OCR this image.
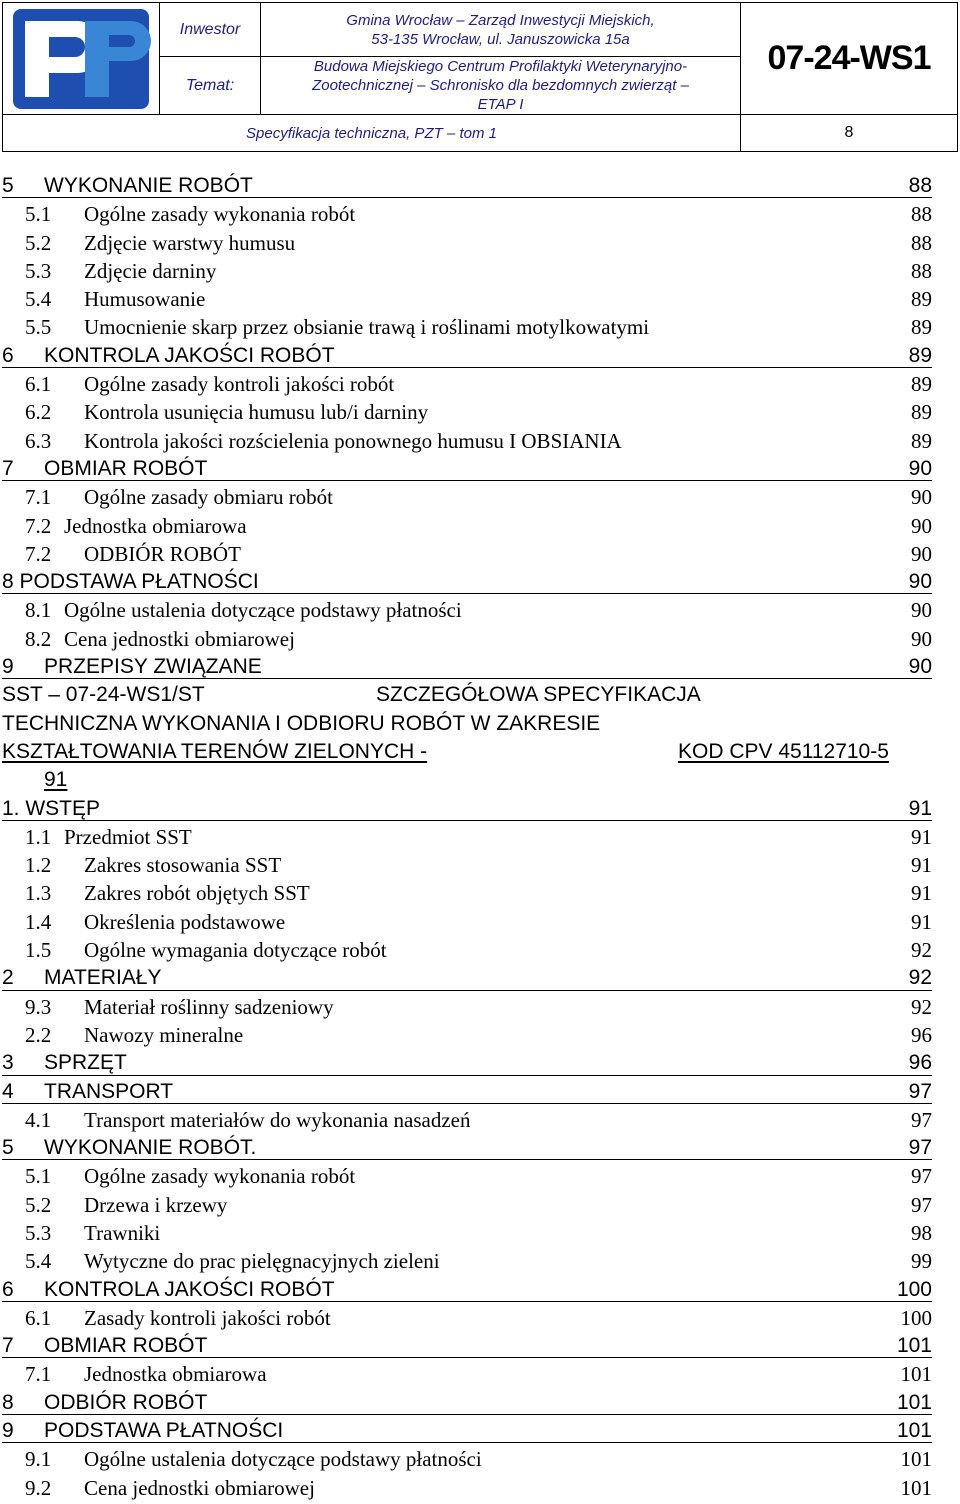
	Inwestor	Gmina Wrocław – Zarząd Inwestycji Miejskich,
53-135 Wrocław, ul. Januszowicka 15a	07-24-WS1
	Temat:	Budowa Miejskiego Centrum Profilaktyki Weterynaryjno-
Zootechnicznej – Schronisko dla bezdomnych zwierząt –
ETAP I	

Specyfikacja techniczna, PZT – tom 1			8
5 WYKONANIE ROBÓT	88
5.1 Ogólne zasady wykonania robót	88
5.2 Zdjęcie warstwy humusu	88
5.3 Zdjęcie darniny	88
5.4 Humusowanie	89
5.5 Umocnienie skarp przez obsianie trawą i roślinami motylkowatymi	89
6 KONTROLA JAKOŚCI ROBÓT	89
6.1 Ogólne zasady kontroli jakości robót	89
6.2 Kontrola usunięcia humusu lub/i darniny	89
6.3 Kontrola jakości rozścielenia ponownego humusu I OBSIANIA	89
7 OBMIAR ROBÓT	90
7.1 Ogólne zasady obmiaru robót	90
7.2 Jednostka obmiarowa	90
7.2 ODBIÓR ROBÓT	90
8 PODSTAWA PŁATNOŚCI	90
8.1 Ogólne ustalenia dotyczące podstawy płatności	90
8.2 Cena jednostki obmiarowej	90
9 PRZEPISY ZWIĄZANE	90
SST – 07-24-WS1/ST	SZCZEGÓŁOWA SPECYFIKACJA
TECHNICZNA WYKONANIA I ODBIORU ROBÓT W ZAKRESIE
KSZTAŁTOWANIA TERENÓW ZIELONYCH -	KOD CPV 45112710-5
91
1. WSTĘP	91
1.1 Przedmiot SST	91
1.2 Zakres stosowania SST	91
1.3 Zakres robót objętych SST	91
1.4 Określenia podstawowe	91
1.5 Ogólne wymagania dotyczące robót	92
2 MATERIAŁY	92
9.3 Materiał roślinny sadzeniowy	92
2.2 Nawozy mineralne	96
3 SPRZĘT	96
4 TRANSPORT	97
4.1 Transport materiałów do wykonania nasadzeń	97
5 WYKONANIE ROBÓT.	97
5.1 Ogólne zasady wykonania robót	97
5.2 Drzewa i krzewy	97
5.3 Trawniki	98
5.4 Wytyczne do prac pielęgnacyjnych zieleni	99
6 KONTROLA JAKOŚCI ROBÓT	100
6.1 Zasady kontroli jakości robót	100
7 OBMIAR ROBÓT	101
7.1 Jednostka obmiarowa	101
8 ODBIÓR ROBÓT	101
9 PODSTAWA PŁATNOŚCI	101
9.1 Ogólne ustalenia dotyczące podstawy płatności	101
9.2 Cena jednostki obmiarowej	101
